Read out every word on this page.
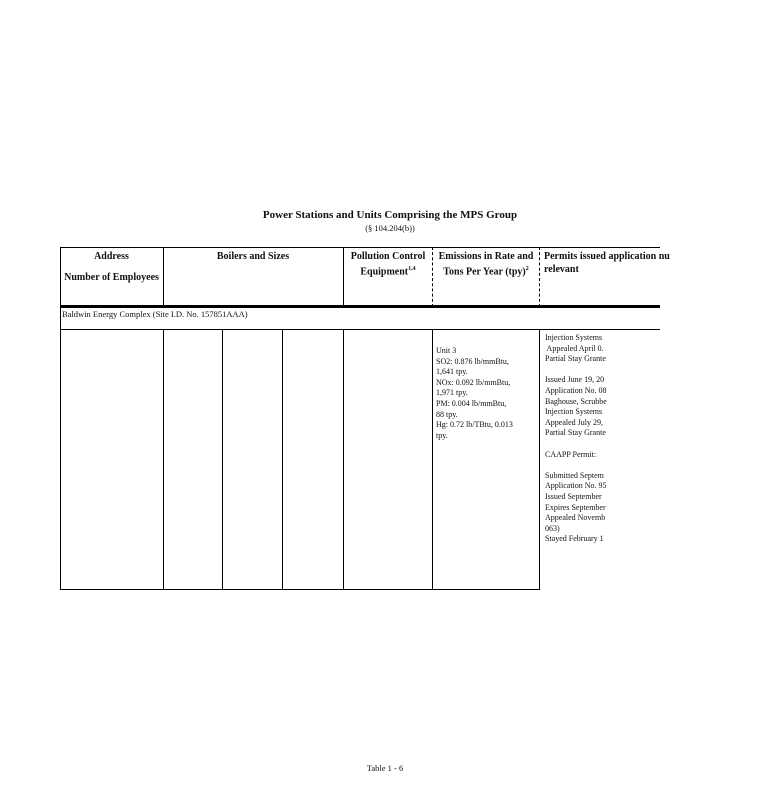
Power Stations and Units Comprising the MPS Group
(§ 104.204(b))
Address
Number of Employees
Boilers and Sizes	Pollution Control Equipment$^{1,4}$
Emissions in Rate and Tons Per Year (tpy)$^2$
Permits issued application nu relevant
Baldwin Energy Complex (Site I.D. No. 157851AAA)
Unit 3
SO2: 0.876 lb/mmBtu,
1,641 tpy.
NOx: 0.092 lb/mmBtu,
1,971 tpy.
PM: 0.004 lb/mmBtu,
88 tpy.
Hg: 0.72 lb/TBtu, 0.013
tpy.
Injection Systems
Appealed April 0.
Partial Stay Grante

Issued June 19, 20
Application No. 08
Baghouse, Scrubbe
Injection Systems
Appealed July 29,
Partial Stay Grante

CAAPP Permit:

Submitted Septem
Application No. 95
Issued September
Expires September
Appealed Novemb
063)
Stayed February 1
Table 1 - 6
